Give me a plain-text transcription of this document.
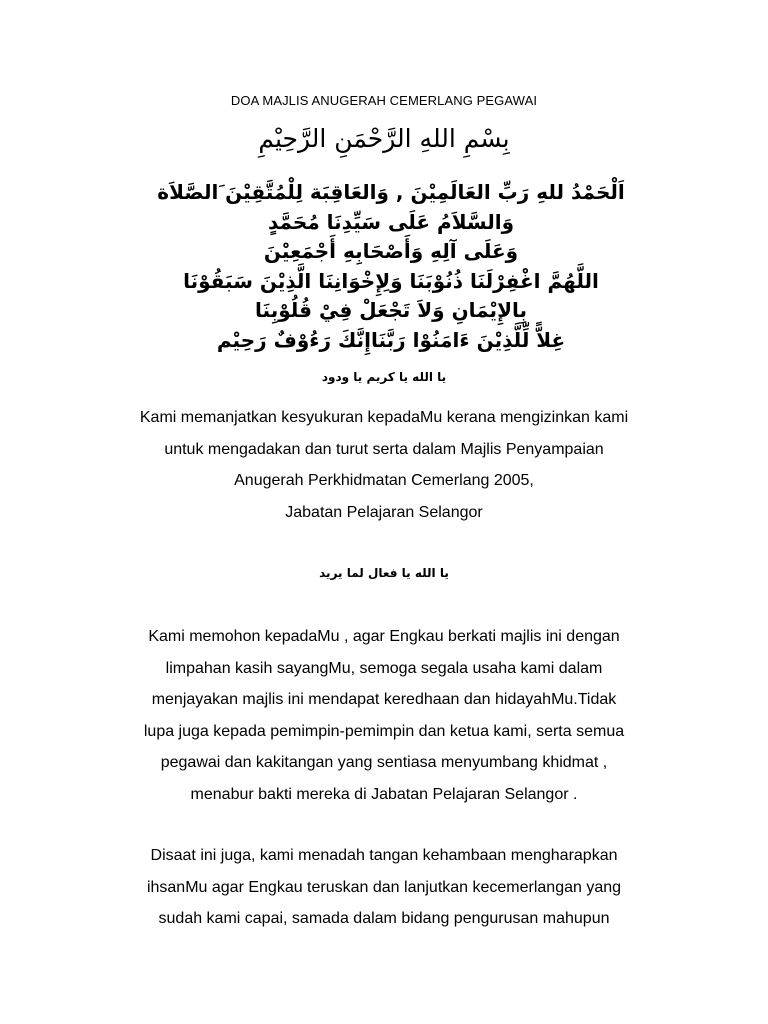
DOA MAJLIS ANUGERAH CEMERLANG PEGAWAI
بِسْمِ اللهِ الرَّحْمَنِ الرَّحِيْمِ
اَلْحَمْدُ للهِ رَبِّ العَالَمِيْنَ , وَالعَاقِبَة لِلْمُتَّقِيْنَ َالصَّلاَة
وَالسَّلاَمُ عَلَى سَيِّدِنَا مُحَمَّدٍ
وَعَلَى آلِهِ وَأَصْحَابِهِ أَجْمَعِيْنَ
اللَّهُمَّ اغْفِرْلَنَا ذُنُوْبَنَا وَلِإِخْوَانِنَا الَّذِيْنَ سَبَقُوْنَا
بِالإِيْمَانِ وَلاَ تَجْعَلْ فِيْ قُلُوْبِنَا
غِلاًّ لِّلَّذِيْنَ ءَامَنُوْا رَبَّنَاإِنَّكَ رَءُوْفٌ رَحِيْم
يا الله يا كريم يا ودود
Kami memanjatkan kesyukuran kepadaMu kerana mengizinkan kami
untuk mengadakan dan turut serta dalam Majlis Penyampaian
Anugerah Perkhidmatan Cemerlang 2005,
Jabatan Pelajaran Selangor
يا الله يا فعال لما يريد
Kami memohon kepadaMu , agar Engkau berkati majlis ini dengan
limpahan kasih sayangMu, semoga segala usaha kami dalam
menjayakan majlis ini mendapat keredhaan dan hidayahMu.Tidak
lupa juga kepada pemimpin-pemimpin dan ketua kami, serta semua
pegawai dan kakitangan yang sentiasa menyumbang khidmat ,
menabur bakti mereka di Jabatan Pelajaran Selangor .
Disaat ini juga, kami menadah tangan kehambaan mengharapkan
ihsanMu agar Engkau teruskan dan lanjutkan kecemerlangan yang
sudah kami capai, samada dalam bidang pengurusan mahupun
